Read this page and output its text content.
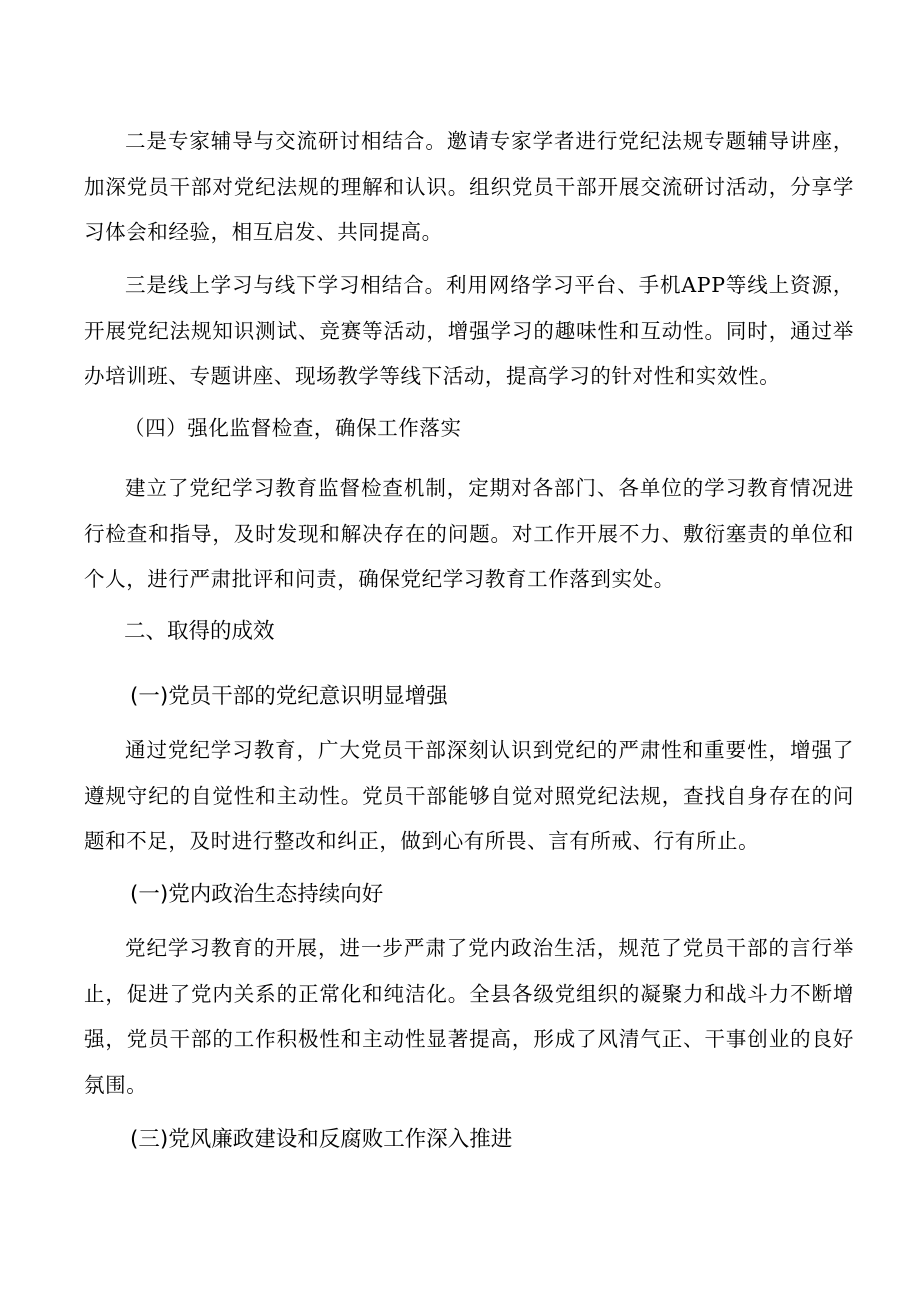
二是专家辅导与交流研讨相结合。邀请专家学者进行党纪法规专题辅导讲座，加深党员干部对党纪法规的理解和认识。组织党员干部开展交流研讨活动，分享学习体会和经验，相互启发、共同提高。

三是线上学习与线下学习相结合。利用网络学习平台、手机APP等线上资源，开展党纪法规知识测试、竞赛等活动，增强学习的趣味性和互动性。同时，通过举办培训班、专题讲座、现场教学等线下活动，提高学习的针对性和实效性。

（四）强化监督检查，确保工作落实

建立了党纪学习教育监督检查机制，定期对各部门、各单位的学习教育情况进行检查和指导，及时发现和解决存在的问题。对工作开展不力、敷衍塞责的单位和个人，进行严肃批评和问责，确保党纪学习教育工作落到实处。

二、取得的成效

(一)党员干部的党纪意识明显增强

通过党纪学习教育，广大党员干部深刻认识到党纪的严肃性和重要性，增强了遵规守纪的自觉性和主动性。党员干部能够自觉对照党纪法规，查找自身存在的问题和不足，及时进行整改和纠正，做到心有所畏、言有所戒、行有所止。

(一)党内政治生态持续向好

党纪学习教育的开展，进一步严肃了党内政治生活，规范了党员干部的言行举止，促进了党内关系的正常化和纯洁化。全县各级党组织的凝聚力和战斗力不断增强，党员干部的工作积极性和主动性显著提高，形成了风清气正、干事创业的良好氛围。

(三)党风廉政建设和反腐败工作深入推进
